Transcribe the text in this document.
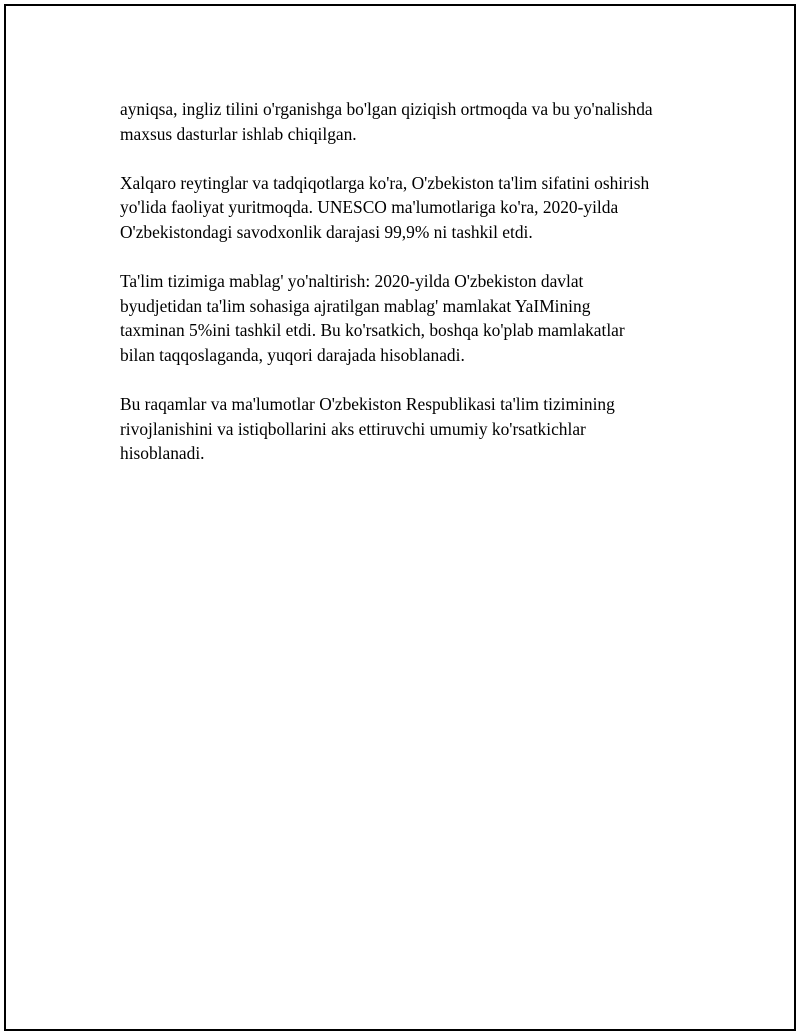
ayniqsa, ingliz tilini o'rganishga bo'lgan qiziqish ortmoqda va bu yo'nalishda
maxsus dasturlar ishlab chiqilgan.

Xalqaro reytinglar va tadqiqotlarga ko'ra, O'zbekiston ta'lim sifatini oshirish
yo'lida faoliyat yuritmoqda. UNESCO ma'lumotlariga ko'ra, 2020-yilda
O'zbekistondagi savodxonlik darajasi 99,9% ni tashkil etdi.

Ta'lim tizimiga mablag' yo'naltirish: 2020-yilda O'zbekiston davlat
byudjetidan ta'lim sohasiga ajratilgan mablag' mamlakat YaIMining
taxminan 5%ini tashkil etdi. Bu ko'rsatkich, boshqa ko'plab mamlakatlar
bilan taqqoslaganda, yuqori darajada hisoblanadi.

Bu raqamlar va ma'lumotlar O'zbekiston Respublikasi ta'lim tizimining
rivojlanishini va istiqbollarini aks ettiruvchi umumiy ko'rsatkichlar
hisoblanadi.
